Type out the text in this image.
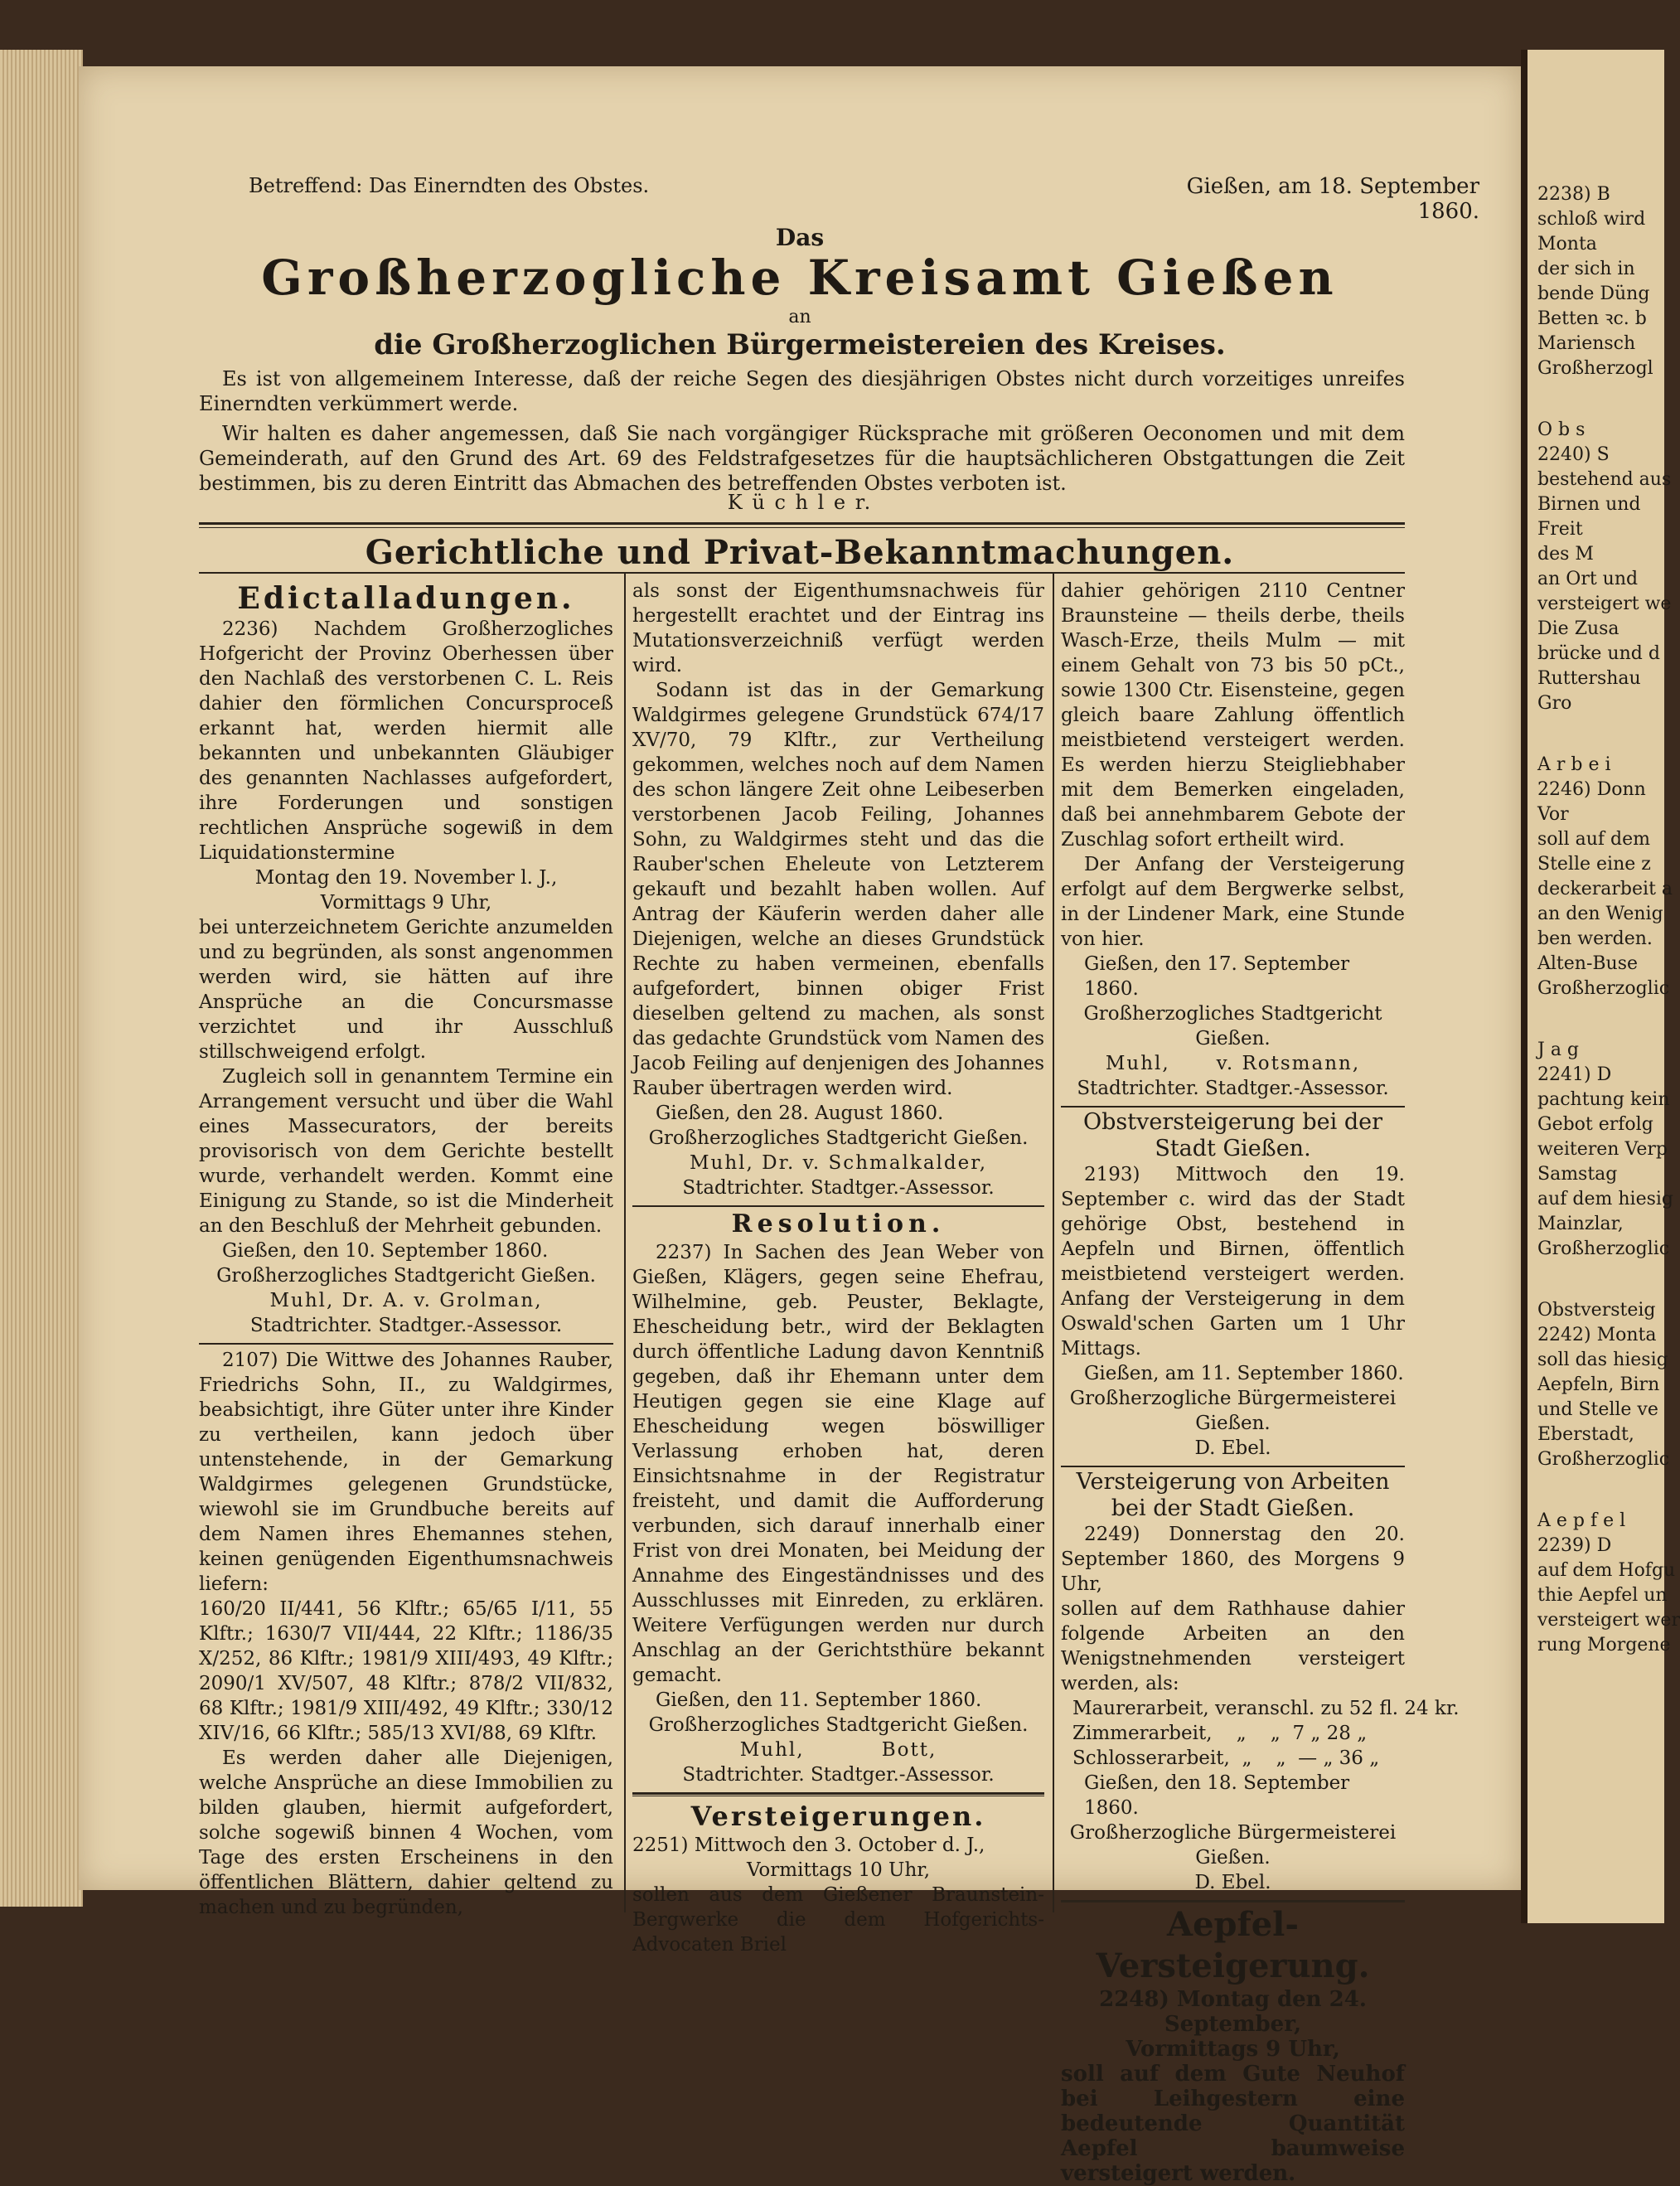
Betreffend: Das Einerndten des Obstes.	Gießen, am 18. September 1860.
Das
Großherzogliche Kreisamt Gießen
an
die Großherzoglichen Bürgermeistereien des Kreises.

Es ist von allgemeinem Interesse, daß der reiche Segen des diesjährigen Obstes nicht durch vorzeitiges unreifes Einerndten verkümmert werde.

Wir halten es daher angemessen, daß Sie nach vorgängiger Rücksprache mit größeren Oeconomen und mit dem Gemeinderath, auf den Grund des Art. 69 des Feldstrafgesetzes für die hauptsächlicheren Obstgattungen die Zeit bestimmen, bis zu deren Eintritt das Abmachen des betreffenden Obstes verboten ist.

K ü c h l e r.
Gerichtliche und Privat-Bekanntmachungen.
Edictalladungen.

2236) Nachdem Großherzogliches Hofgericht der Provinz Oberhessen über den Nachlaß des verstorbenen C. L. Reis dahier den förmlichen Concursproceß erkannt hat, werden hiermit alle bekannten und unbekannten Gläubiger des genannten Nachlasses aufgefordert, ihre Forderungen und sonstigen rechtlichen Ansprüche sogewiß in dem Liquidationstermine

Montag den 19. November l. J.,
Vormittags 9 Uhr,

bei unterzeichnetem Gerichte anzumelden und zu begründen, als sonst angenommen werden wird, sie hätten auf ihre Ansprüche an die Concursmasse verzichtet und ihr Ausschluß stillschweigend erfolgt.

Zugleich soll in genanntem Termine ein Arrangement versucht und über die Wahl eines Massecurators, der bereits provisorisch von dem Gerichte bestellt wurde, verhandelt werden. Kommt eine Einigung zu Stande, so ist die Minderheit an den Beschluß der Mehrheit gebunden.

Gießen, den 10. September 1860.
Großherzogliches Stadtgericht Gießen.
Muhl, Dr. A. v. Grolman,
Stadtrichter. Stadtger.-Assessor.

2107) Die Wittwe des Johannes Rauber, Friedrichs Sohn, II., zu Waldgirmes, beabsichtigt, ihre Güter unter ihre Kinder zu vertheilen, kann jedoch über untenstehende, in der Gemarkung Waldgirmes gelegenen Grundstücke, wiewohl sie im Grundbuche bereits auf dem Namen ihres Ehemannes stehen, keinen genügenden Eigenthumsnachweis liefern:

160/20 II/441, 56 Klftr.; 65/65 I/11, 55 Klftr.; 1630/7 VII/444, 22 Klftr.; 1186/35 X/252, 86 Klftr.; 1981/9 XIII/493, 49 Klftr.; 2090/1 XV/507, 48 Klftr.; 878/2 VII/832, 68 Klftr.; 1981/9 XIII/492, 49 Klftr.; 330/12 XIV/16, 66 Klftr.; 585/13 XVI/88, 69 Klftr.

Es werden daher alle Diejenigen, welche Ansprüche an diese Immobilien zu bilden glauben, hiermit aufgefordert, solche sogewiß binnen 4 Wochen, vom Tage des ersten Erscheinens in den öffentlichen Blättern, dahier geltend zu machen und zu begründen,

als sonst der Eigenthumsnachweis für hergestellt erachtet und der Eintrag ins Mutationsverzeichniß verfügt werden wird.

Sodann ist das in der Gemarkung Waldgirmes gelegene Grundstück 674/17 XV/70, 79 Klftr., zur Vertheilung gekommen, welches noch auf dem Namen des schon längere Zeit ohne Leibeserben verstorbenen Jacob Feiling, Johannes Sohn, zu Waldgirmes steht und das die Rauber'schen Eheleute von Letzterem gekauft und bezahlt haben wollen. Auf Antrag der Käuferin werden daher alle Diejenigen, welche an dieses Grundstück Rechte zu haben vermeinen, ebenfalls aufgefordert, binnen obiger Frist dieselben geltend zu machen, als sonst das gedachte Grundstück vom Namen des Jacob Feiling auf denjenigen des Johannes Rauber übertragen werden wird.

Gießen, den 28. August 1860.
Großherzogliches Stadtgericht Gießen.
Muhl, Dr. v. Schmalkalder,
Stadtrichter. Stadtger.-Assessor.
Resolution.

2237) In Sachen des Jean Weber von Gießen, Klägers, gegen seine Ehefrau, Wilhelmine, geb. Peuster, Beklagte, Ehescheidung betr., wird der Beklagten durch öffentliche Ladung davon Kenntniß gegeben, daß ihr Ehemann unter dem Heutigen gegen sie eine Klage auf Ehescheidung wegen böswilliger Verlassung erhoben hat, deren Einsichtsnahme in der Registratur freisteht, und damit die Aufforderung verbunden, sich darauf innerhalb einer Frist von drei Monaten, bei Meidung der Annahme des Eingeständnisses und des Ausschlusses mit Einreden, zu erklären. Weitere Verfügungen werden nur durch Anschlag an der Gerichtsthüre bekannt gemacht.

Gießen, den 11. September 1860.
Großherzogliches Stadtgericht Gießen.
Muhl,          Bott,
Stadtrichter. Stadtger.-Assessor.
Versteigerungen.
2251) Mittwoch den 3. October d. J.,
Vormittags 10 Uhr,

sollen aus dem Gießener Braunstein-Bergwerke die dem Hofgerichts-Advocaten Briel

dahier gehörigen 2110 Centner Braunsteine — theils derbe, theils Wasch-Erze, theils Mulm — mit einem Gehalt von 73 bis 50 pCt., sowie 1300 Ctr. Eisensteine, gegen gleich baare Zahlung öffentlich meistbietend versteigert werden. Es werden hierzu Steigliebhaber mit dem Bemerken eingeladen, daß bei annehmbarem Gebote der Zuschlag sofort ertheilt wird.

Der Anfang der Versteigerung erfolgt auf dem Bergwerke selbst, in der Lindener Mark, eine Stunde von hier.

Gießen, den 17. September 1860.
Großherzogliches Stadtgericht Gießen.
Muhl,      v. Rotsmann,
Stadtrichter. Stadtger.-Assessor.
Obstversteigerung bei der Stadt Gießen.

2193) Mittwoch den 19. September c. wird das der Stadt gehörige Obst, bestehend in Aepfeln und Birnen, öffentlich meistbietend versteigert werden. Anfang der Versteigerung in dem Oswald'schen Garten um 1 Uhr Mittags.

Gießen, am 11. September 1860.
Großherzogliche Bürgermeisterei Gießen.
D. Ebel.
Versteigerung von Arbeiten bei der Stadt Gießen.

2249) Donnerstag den 20. September 1860, des Morgens 9 Uhr,

sollen auf dem Rathhause dahier folgende Arbeiten an den Wenigstnehmenden versteigert werden, als:

Maurerarbeit, veranschl. zu 52 fl. 24 kr.
Zimmerarbeit,    „    „  7 „ 28 „
Schlosserarbeit,  „    „  — „ 36 „
Gießen, den 18. September 1860.
Großherzogliche Bürgermeisterei Gießen.
D. Ebel.
Aepfel-Versteigerung.

2248) Montag den 24. September,

Vormittags 9 Uhr,

soll auf dem Gute Neuhof bei Leihgestern eine bedeutende Quantität Aepfel baumweise versteigert werden.

2238) B
schloß wird
Monta
der sich in
bende Düng
Betten ꝛc. b
Mariensch
Großherzogl
O b s
2240) S
bestehend aus
Birnen und
Freit
des M
an Ort und
versteigert we
Die Zusa
brücke und d
Ruttershau
Gro
A r b e i
2246) Donn
Vor
soll auf dem
Stelle eine z
deckerarbeit a
an den Wenig
ben werden.
Alten-Buse
Großherzoglic
J a g
2241) D
pachtung kein
Gebot erfolg
weiteren Verp
Samstag
auf dem hiesig
Mainzlar,
Großherzoglic
Obstversteig
2242) Monta
soll das hiesig
Aepfeln, Birn
und Stelle ve
Eberstadt,
Großherzoglic
A e p f e l
2239) D
auf dem Hofgu
thie Aepfel un
versteigert wer
rung Morgene
